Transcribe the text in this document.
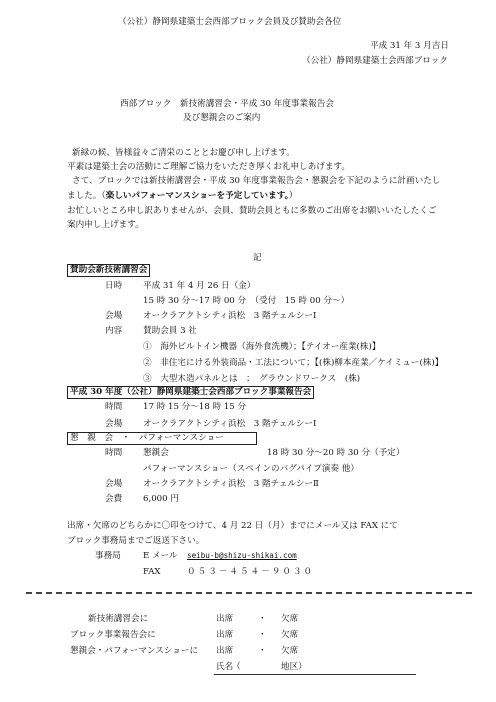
（公社）静岡県建築士会西部ブロック会員及び賛助会各位
平成 31 年 3 月吉日
（公社）静岡県建築士会西部ブロック
西部ブロック　新技術講習会・平成 30 年度事業報告会
及び懇親会のご案内
新緑の候、皆様益々ご清栄のこととお慶び申し上げます。
平素は建築士会の活動にご理解ご協力をいただき厚くお礼申しあげます。
さて、ブロックでは新技術講習会・平成 30 年度事業報告会・懇親会を下記のように計画いたし
ました。（楽しいパフォーマンスショーを予定しています。）
お忙しいところ申し訳ありませんが、会員、賛助会員ともに多数のご出席をお願いいたしたくご
案内申し上げます。
記
賛助会新技術講習会
日時 平成 31 年 4 月 26 日（金）
15 時 30 分～17 時 00 分　（受付　15 時 00 分～）
会場 オークラアクトシティ浜松　3 階チェルシーⅠ
内容 賛助会員 3 社
①　海外ビルトイン機器（海外食洗機）；【テイオー産業(株)】
②　非住宅にける外装商品・工法について；【(株)柳本産業／ケイミュー(株)】
③　大型木造パネルとは　；　グラウンドワークス　(株)
平成 30 年度（公社）静岡県建築士会西部ブロック事業報告会
時間 17 時 15 分～18 時 15 分
会場 オークラアクトシティ浜松　3 階チェルシーⅠ
懇　親　会　・　パフォーマンスショー
時間 懇親会	18 時 30 分～20 時 30 分（予定）
パフォーマンスショー（スペインのバグパイプ演奏 他）
会場 オークラアクトシティ浜松　3 階チェルシーⅡ
会費 6,000 円
出席・欠席のどちらかに〇印をつけて、4 月 22 日（月）までにメール又は FAX にて
ブロック事務局までご返送下さい。
事務局	E メール seibu-b@shizu-shikai.com
FAX	０５３－４５４－９０３０
新技術講習会に	出席	・ 欠席
ブロック事業報告会に	出席	・ 欠席
懇親会・パフォーマンスショーに 出席	・ 欠席
氏名
（	地区）
